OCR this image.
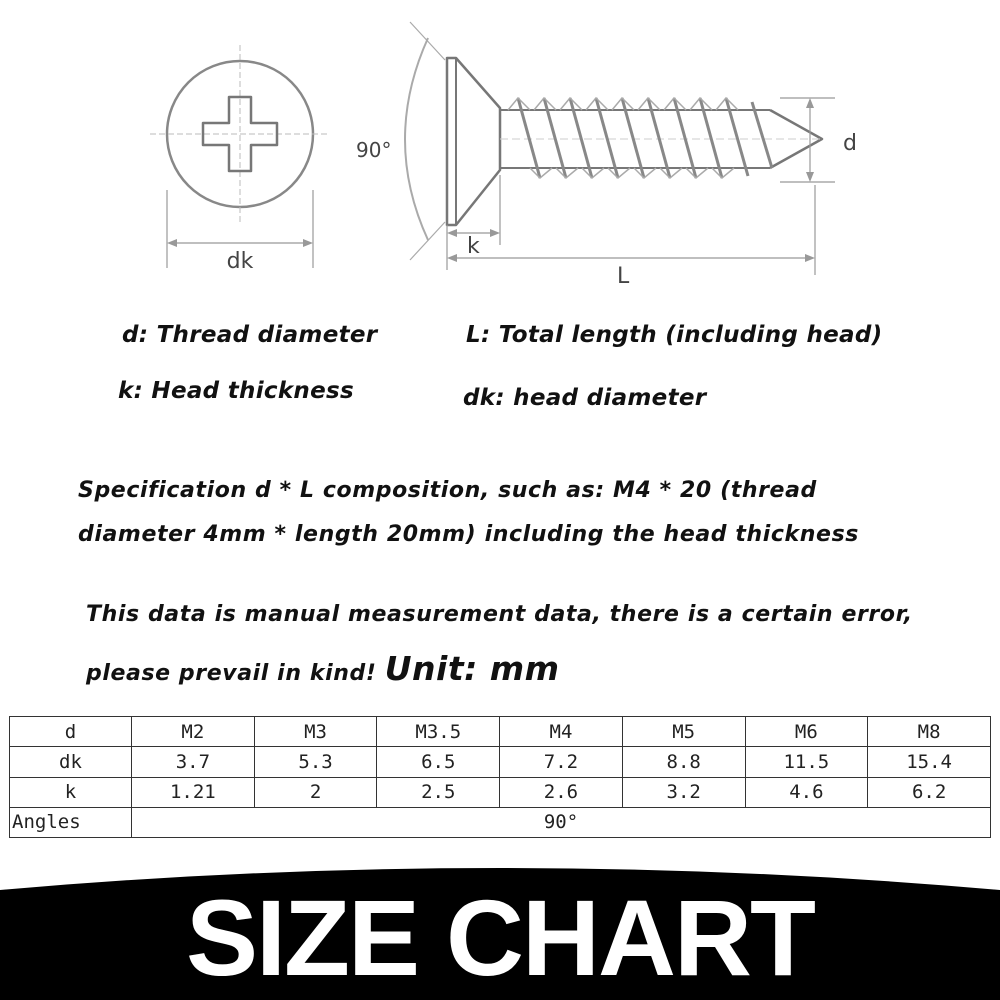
dk
90°	d
k
L
d: Thread diameter	L: Total length (including head)
k: Head thickness	dk: head diameter
Specification d * L composition, such as: M4 * 20 (thread
diameter 4mm * length 20mm) including the head thickness
This data is manual measurement data, there is a certain error,
please prevail in kind! Unit: mm
d	M2	M3	M3.5	M4	M5	M6	M8
dk	3.7	5.3	6.5	7.2	8.8	11.5	15.4
k	1.21	2	2.5	2.6	3.2	4.6	6.2
Angles	90°						
SIZE CHART
